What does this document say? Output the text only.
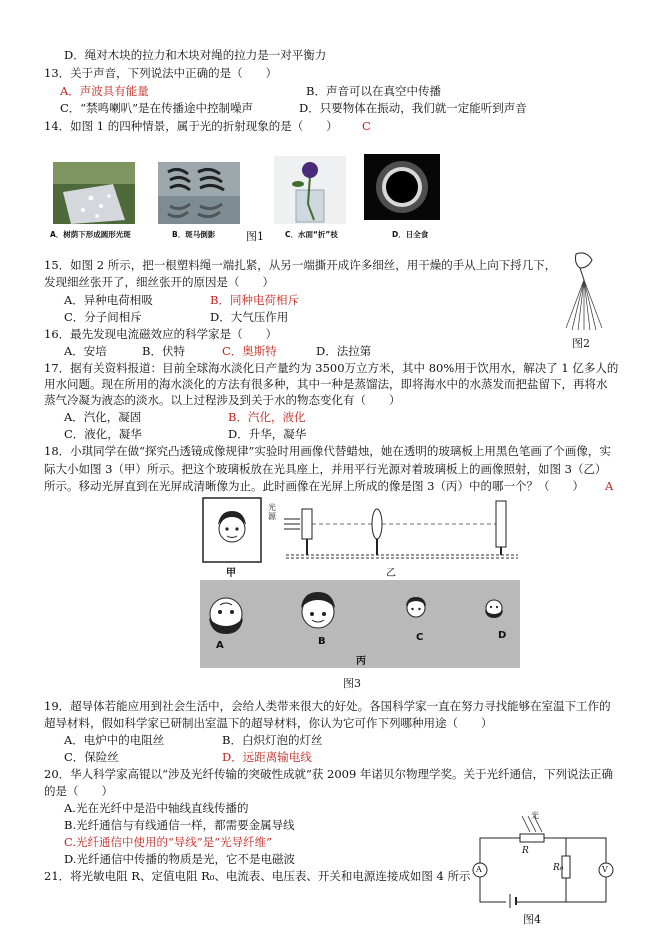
D．绳对木块的拉力和木块对绳的拉力是一对平衡力
13．关于声音，下列说法中正确的是（　　）
A．声波具有能量	B．声音可以在真空中传播
C．“禁鸣喇叭”是在传播途中控制噪声	D．只要物体在振动，我们就一定能听到声音
14．如图 1 的四种情景，属于光的折射现象的是（　　） C
A．树荫下形成圆形光斑	B．斑马倒影	图1	C．水面“折”枝	D．日全食
15．如图 2 所示，把一根塑料绳一端扎紧，从另一端撕开成许多细丝，用干燥的手从上向下捋几下，
发现细丝张开了，细丝张开的原因是（　　）
A．异种电荷相吸	B．同种电荷相斥
C．分子间相斥	D．大气压作用
图2
16．最先发现电流磁效应的科学家是（　　）
A．安培	B．伏特	C．奥斯特	D．法拉第
17．据有关资料报道：目前全球海水淡化日产量约为 3500万立方米，其中 80%用于饮用水，解决了 1 亿多人的
用水问题。现在所用的海水淡化的方法有很多种，其中一种是蒸馏法，即将海水中的水蒸发而把盐留下，再将水
蒸气冷凝为液态的淡水。以上过程涉及到关于水的物态变化有（　　）
A．汽化，凝固	B．汽化，液化
C．液化，凝华	D．升华，凝华
18．小琪同学在做“探究凸透镜成像规律”实验时用画像代替蜡烛，她在透明的玻璃板上用黑色笔画了个画像，实
际大小如图 3（甲）所示。把这个玻璃板放在光具座上，并用平行光源对着玻璃板上的画像照射，如图 3（乙）
所示。移动光屏直到在光屏成清晰像为止。此时画像在光屏上所成的像是图 3（丙）中的哪一个？（　　） A
甲
光源
乙
A	B	C	D
丙
图3
19．超导体若能应用到社会生活中，会给人类带来很大的好处。各国科学家一直在努力寻找能够在室温下工作的
超导材料，假如科学家已研制出室温下的超导材料，你认为它可作下列哪种用途（　　）
A．电炉中的电阻丝	B．白炽灯泡的灯丝
C．保险丝	D．远距离输电线
20．华人科学家高锟以“涉及光纤传输的突破性成就”获 2009 年诺贝尔物理学奖。关于光纤通信，下列说法正确
的是（　　）
A.光在光纤中是沿中轴线直线传播的
B.光纤通信与有线通信一样，都需要金属导线
C.光纤通信中使用的“导线”是“光导纤维”
D.光纤通信中传播的物质是光，它不是电磁波
21．将光敏电阻 R、定值电阻 R₀、电流表、电压表、开关和电源连接成如图 4 所示
光
R
R₀
A	V
图4
